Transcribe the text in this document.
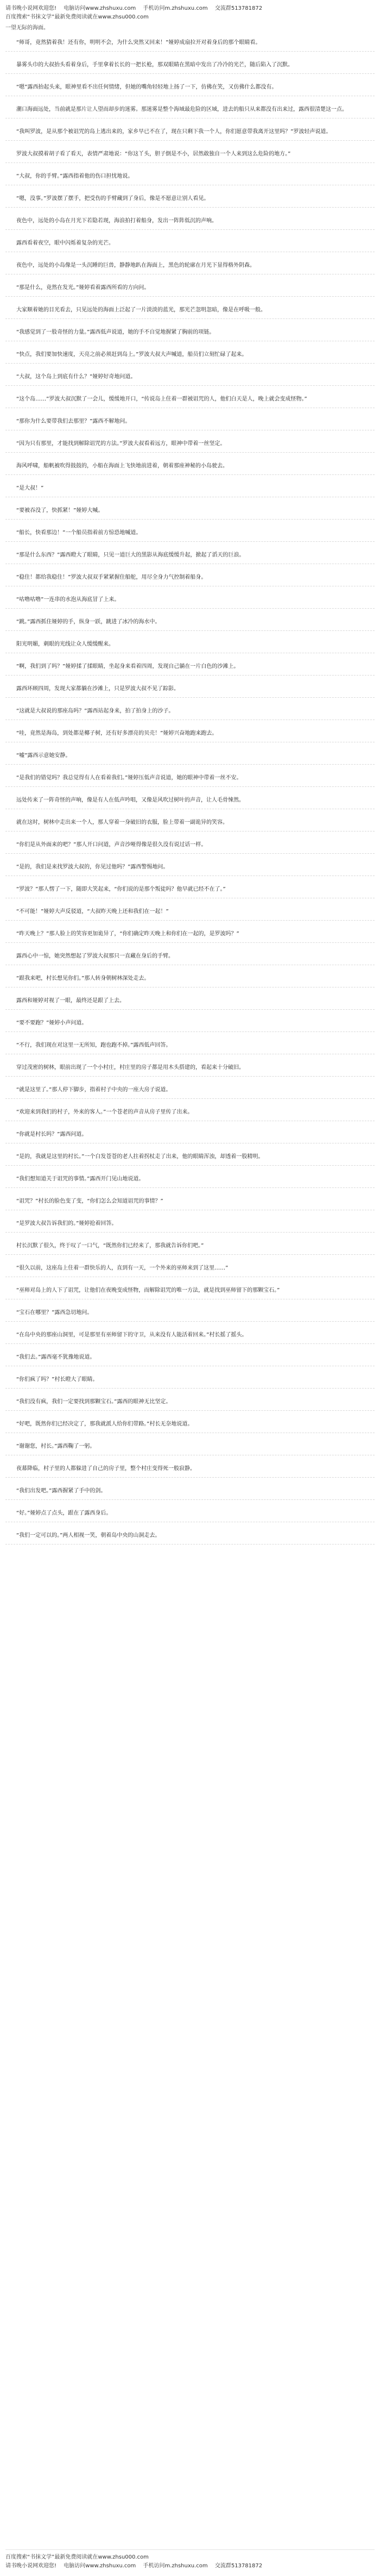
请书晚小说网欢迎您! 电脑访问www.zhshuxu.com 手机访问m.zhshuxu.com 交流群513781872
百度搜索“书抹文学”最新免费阅读就在www.zhsu000.com
一望无际的海面。
“师哥，竟然猜着我！还有你，明明不会，为什么突然又回来！”娅婷成扇拉开对着身后的那个眼睛看。
暴雾头巾的大叔抬头看着身后，手里拿着长长的一把长枪，那双眼睛在黑暗中发出了冷冷的光芒，随后陷入了沉默。
“嗯”露西抬起头来，眼神里看不出任何情绪，但她的嘴角轻轻地上扬了一下，仿佛在笑，又仿佛什么都没有。
潮口海面远处，当前就是那片让人望而却步的迷雾。那迷雾是整个海域最危险的区域，进去的船只从来都没有出来过，露西很清楚这一点。
“我叫罗波，是从那个被诅咒的岛上逃出来的，家乡早已不在了，现在只剩下我一个人，你们愿意带我离开这里吗？”罗波轻声说道。
罗波大叔摸着胡子看了看天，表情严肃地说：“你这丫头，胆子倒是不小，居然敢独自一个人来到这么危险的地方。”
“大叔，你的手臂。”露西指着他的伤口担忧地说。
“嗯，没事。”罗波摆了摆手，把受伤的手臂藏到了身后，像是不愿意让别人看见。
夜色中，远处的小岛在月光下若隐若现，海浪拍打着船身，发出一阵阵低沉的声响。
露西看着夜空，眼中闪烁着复杂的光芒。
夜色中，远处的小岛像是一头沉睡的巨兽，静静地趴在海面上，黑色的轮廓在月光下显得格外阴森。
“那是什么，竟然在发光。”娅婷看着露西所看的方向问。
大家顺着她的目光看去，只见远处的海面上泛起了一片淡淡的蓝光，那光芒忽明忽暗，像是在呼吸一般。
“我感觉到了一股奇怪的力量。”露西低声说道，她的手不自觉地握紧了胸前的项链。
“快点，我们要加快速度，天亮之前必须赶到岛上。”罗波大叔大声喊道，船员们立刻忙碌了起来。
“大叔，这个岛上到底有什么？”娅婷好奇地问道。
“这个岛……”罗波大叔沉默了一会儿，缓缓地开口，“传说岛上住着一群被诅咒的人，他们白天是人，晚上就会变成怪物。”
“那你为什么要带我们去那里？”露西不解地问。
“因为只有那里，才能找到解除诅咒的方法。”罗波大叔看着远方，眼神中带着一丝坚定。
海风呼啸，船帆被吹得鼓鼓的，小船在海面上飞快地前进着，朝着那座神秘的小岛驶去。
“是大叔！”
“要被吞没了，快抓紧！”娅婷大喊。
“船长，快看那边！”一个船员指着前方惊恐地喊道。
“那是什么东西？”露西瞪大了眼睛，只见一道巨大的黑影从海底缓缓升起，掀起了滔天的巨浪。
“稳住！都给我稳住！”罗波大叔双手紧紧握住船舵，用尽全身力气控制着船身。
“咕噜咕噜”一连串的水泡从海底冒了上来。
“跳。”露西抓住娅婷的手，纵身一跃，跳进了冰冷的海水中。
阳光明媚，刺眼的光线让众人缓缓醒来。
“啊，我们到了吗？”娅婷揉了揉眼睛，坐起身来看着四周，发现自己躺在一片白色的沙滩上。
露西环顾四周，发现大家都躺在沙滩上，只是罗波大叔不见了踪影。
“这就是大叔说的那座岛吗？”露西站起身来，拍了拍身上的沙子。
“哇，竟然是海岛，到处都是椰子树，还有好多漂亮的贝壳！”娅婷兴奋地跑来跑去。
“嘘”露西示意她安静。
“是我们的错觉吗？我总觉得有人在看着我们。”娅婷压低声音说道，她的眼神中带着一丝不安。
远处传来了一阵奇怪的声响，像是有人在低声吟唱，又像是风吹过树叶的声音，让人毛骨悚然。
就在这时，树林中走出来一个人，那人穿着一身破旧的衣服，脸上带着一副诡异的笑容。
“你们是从外面来的吧？”那人开口问道，声音沙哑得像是很久没有说过话一样。
“是的，我们是来找罗波大叔的，你见过他吗？”露西警惕地问。
“罗波？”那人愣了一下，随即大笑起来，“你们说的是那个叛徒吗？他早就已经不在了。”
“不可能！”娅婷大声反驳道，“大叔昨天晚上还和我们在一起！”
“昨天晚上？”那人脸上的笑容更加诡异了，“你们确定昨天晚上和你们在一起的，是罗波吗？”
露西心中一惊，她突然想起了罗波大叔那只一直藏在身后的手臂。
“跟我来吧，村长想见你们。”那人转身朝树林深处走去。
露西和娅婷对视了一眼，最终还是跟了上去。
“要不要跑？”娅婷小声问道。
“不行，我们现在对这里一无所知，跑也跑不掉。”露西低声回答。
穿过茂密的树林，眼前出现了一个小村庄，村庄里的房子都是用木头搭建的，看起来十分破旧。
“就是这里了。”那人停下脚步，指着村子中央的一座大房子说道。
“欢迎来到我们的村子，外来的客人。”一个苍老的声音从房子里传了出来。
“你就是村长吗？”露西问道。
“是的，我就是这里的村长。”一个白发苍苍的老人拄着拐杖走了出来，他的眼睛浑浊，却透着一股精明。
“我们想知道关于诅咒的事情。”露西开门见山地说道。
“诅咒？”村长的脸色变了变，“你们怎么会知道诅咒的事情？”
“是罗波大叔告诉我们的。”娅婷抢着回答。
村长沉默了很久，终于叹了一口气，“既然你们已经来了，那我就告诉你们吧。”
“很久以前，这座岛上住着一群快乐的人，直到有一天，一个外来的巫师来到了这里……”
“巫师对岛上的人下了诅咒，让他们在夜晚变成怪物，而解除诅咒的唯一方法，就是找到巫师留下的那颗宝石。”
“宝石在哪里？”露西急切地问。
“在岛中央的那座山洞里，可是那里有巫师留下的守卫，从来没有人能活着回来。”村长摇了摇头。
“我们去。”露西毫不犹豫地说道。
“你们疯了吗？”村长瞪大了眼睛。
“我们没有疯，我们一定要找到那颗宝石。”露西的眼神无比坚定。
“好吧，既然你们已经决定了，那我就派人给你们带路。”村长无奈地说道。
“谢谢您，村长。”露西鞠了一躬。
夜幕降临，村子里的人都躲进了自己的房子里，整个村庄变得死一般寂静。
“我们出发吧。”露西握紧了手中的剑。
“好。”娅婷点了点头，跟在了露西身后。
“我们一定可以的。”两人相视一笑，朝着岛中央的山洞走去。
百度搜索“书抹文学”最新免费阅读就在www.zhsu000.com
请书晚小说网欢迎您! 电脑访问www.zhshuxu.com 手机访问m.zhshuxu.com 交流群513781872
